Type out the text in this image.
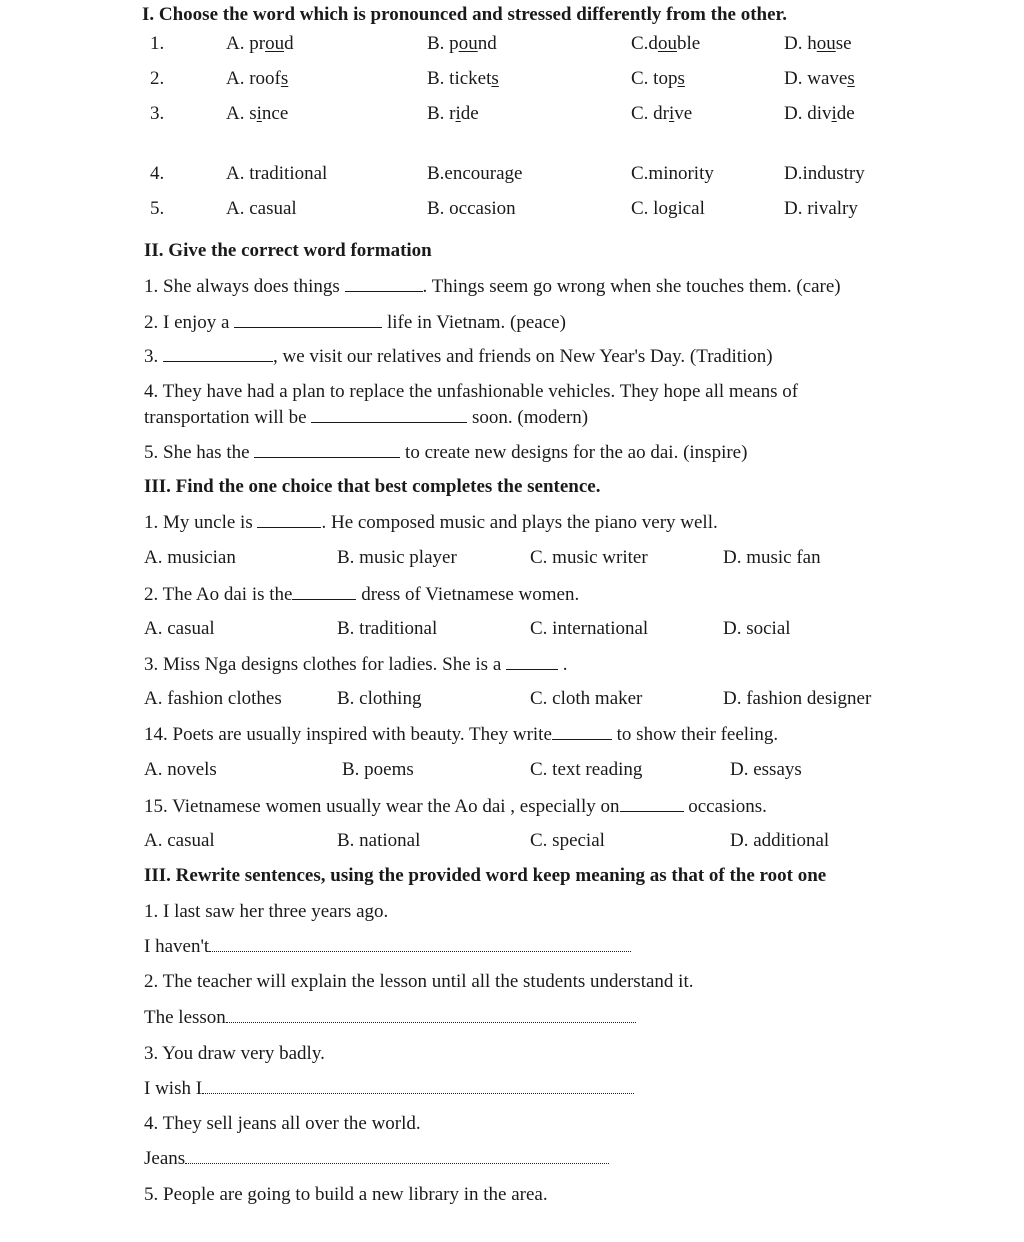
I. Choose the word which is pronounced and stressed differently from the other.
1.	A. proud	B. pound	C.double	D. house
2.	A. roofs	B. tickets	C. tops	D. waves
3.	A. since	B. ride	C. drive	D. divide
4.	A. traditional	B.encourage	C.minority	D.industry
5.	A. casual	B. occasion	C. logical	D. rivalry
II. Give the correct word formation
1. She always does things	. Things seem go wrong when she touches them. (care)
2. I enjoy a	life in Vietnam. (peace)
3.	, we visit our relatives and friends on New Year's Day. (Tradition)
4. They have had a plan to replace the unfashionable vehicles. They hope all means of
transportation will be	soon. (modern)
5. She has the	to create new designs for the ao dai. (inspire)
III. Find the one choice that best completes the sentence.
1. My uncle is	. He composed music and plays the piano very well.
A. musician	B. music player	C. music writer	D. music fan
2. The Ao dai is the	dress of Vietnamese women.
A. casual	B. traditional	C. international	D. social
3. Miss Nga designs clothes for ladies. She is a	.
A. fashion clothes	B. clothing	C. cloth maker	D. fashion designer
14. Poets are usually inspired with beauty. They write	to show their feeling.
A. novels	B. poems	C. text reading	D. essays
15. Vietnamese women usually wear the Ao dai , especially on	occasions.
A. casual	B. national	C. special	D. additional
III. Rewrite sentences, using the provided word keep meaning as that of the root one
1. I last saw her three years ago.
I haven't
2. The teacher will explain the lesson until all the students understand it.
The lesson
3. You draw very badly.
I wish I
4. They sell jeans all over the world.
Jeans
5. People are going to build a new library in the area.
